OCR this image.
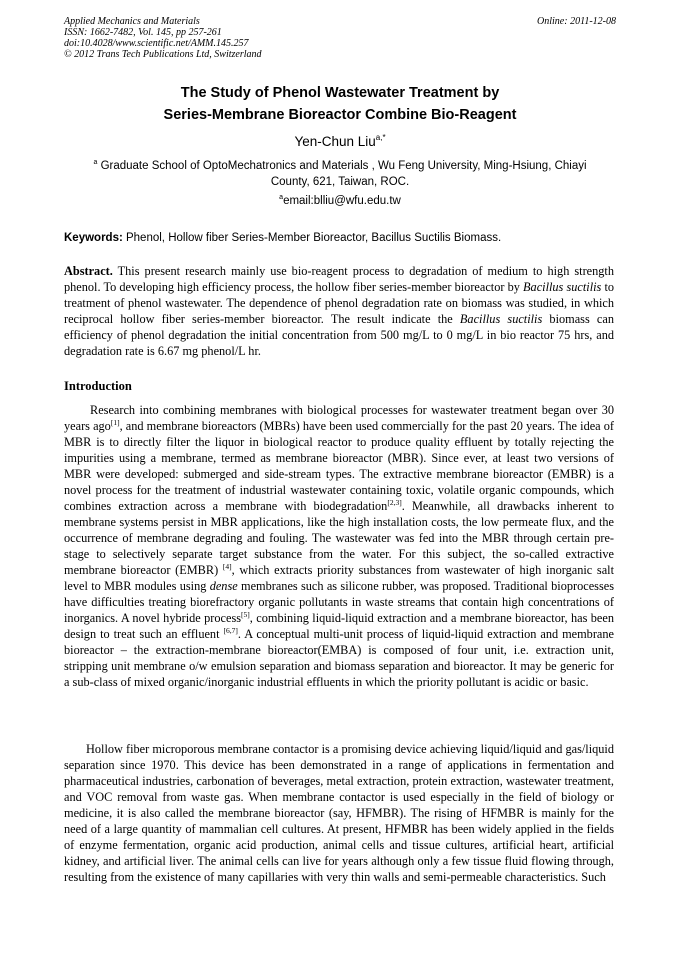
Applied Mechanics and Materials
ISSN: 1662-7482, Vol. 145, pp 257-261
doi:10.4028/www.scientific.net/AMM.145.257
© 2012 Trans Tech Publications Ltd, Switzerland
Online: 2011-12-08
The Study of Phenol Wastewater Treatment by
Series-Membrane Bioreactor Combine Bio-Reagent
Yen-Chun Liu$^{a,*}$
$^a$ Graduate School of OptoMechatronics and Materials , Wu Feng University, Ming-Hsiung, Chiayi
County, 621, Taiwan, ROC.
$^a$email:blliu@wfu.edu.tw
Keywords: Phenol, Hollow fiber Series-Member Bioreactor, Bacillus Suctilis Biomass.
Abstract. This present research mainly use bio-reagent process to degradation of medium to high strength phenol. To developing high efficiency process, the hollow fiber series-member bioreactor by Bacillus suctilis to treatment of phenol wastewater. The dependence of phenol degradation rate on biomass was studied, in which reciprocal hollow fiber series-member bioreactor. The result indicate the Bacillus suctilis biomass can efficiency of phenol degradation the initial concentration from 500 mg/L to 0 mg/L in bio reactor 75 hrs, and degradation rate is 6.67 mg phenol/L hr.
Introduction
Research into combining membranes with biological processes for wastewater treatment began over 30 years ago[1], and membrane bioreactors (MBRs) have been used commercially for the past 20 years. The idea of MBR is to directly filter the liquor in biological reactor to produce quality effluent by totally rejecting the impurities using a membrane, termed as membrane bioreactor (MBR). Since ever, at least two versions of MBR were developed: submerged and side-stream types. The extractive membrane bioreactor (EMBR) is a novel process for the treatment of industrial wastewater containing toxic, volatile organic compounds, which combines extraction across a membrane with biodegradation[2,3]. Meanwhile, all drawbacks inherent to membrane systems persist in MBR applications, like the high installation costs, the low permeate flux, and the occurrence of membrane degrading and fouling. The wastewater was fed into the MBR through certain pre-stage to selectively separate target substance from the water. For this subject, the so-called extractive membrane bioreactor (EMBR) [4], which extracts priority substances from wastewater of high inorganic salt level to MBR modules using dense membranes such as silicone rubber, was proposed. Traditional bioprocesses have difficulties treating biorefractory organic pollutants in waste streams that contain high concentrations of inorganics. A novel hybride process[5], combining liquid-liquid extraction and a membrane bioreactor, has been design to treat such an effluent [6,7]. A conceptual multi-unit process of liquid-liquid extraction and membrane bioreactor – the extraction-membrane bioreactor(EMBA) is composed of four unit, i.e. extraction unit, stripping unit membrane o/w emulsion separation and biomass separation and bioreactor. It may be generic for a sub-class of mixed organic/inorganic industrial effluents in which the priority pollutant is acidic or basic.
Hollow fiber microporous membrane contactor is a promising device achieving liquid/liquid and gas/liquid separation since 1970. This device has been demonstrated in a range of applications in fermentation and pharmaceutical industries, carbonation of beverages, metal extraction, protein extraction, wastewater treatment, and VOC removal from waste gas. When membrane contactor is used especially in the field of biology or medicine, it is also called the membrane bioreactor (say, HFMBR). The rising of HFMBR is mainly for the need of a large quantity of mammalian cell cultures. At present, HFMBR has been widely applied in the fields of enzyme fermentation, organic acid production, animal cells and tissue cultures, artificial heart, artificial kidney, and artificial liver. The animal cells can live for years although only a few tissue fluid flowing through, resulting from the existence of many capillaries with very thin walls and semi-permeable characteristics. Such
